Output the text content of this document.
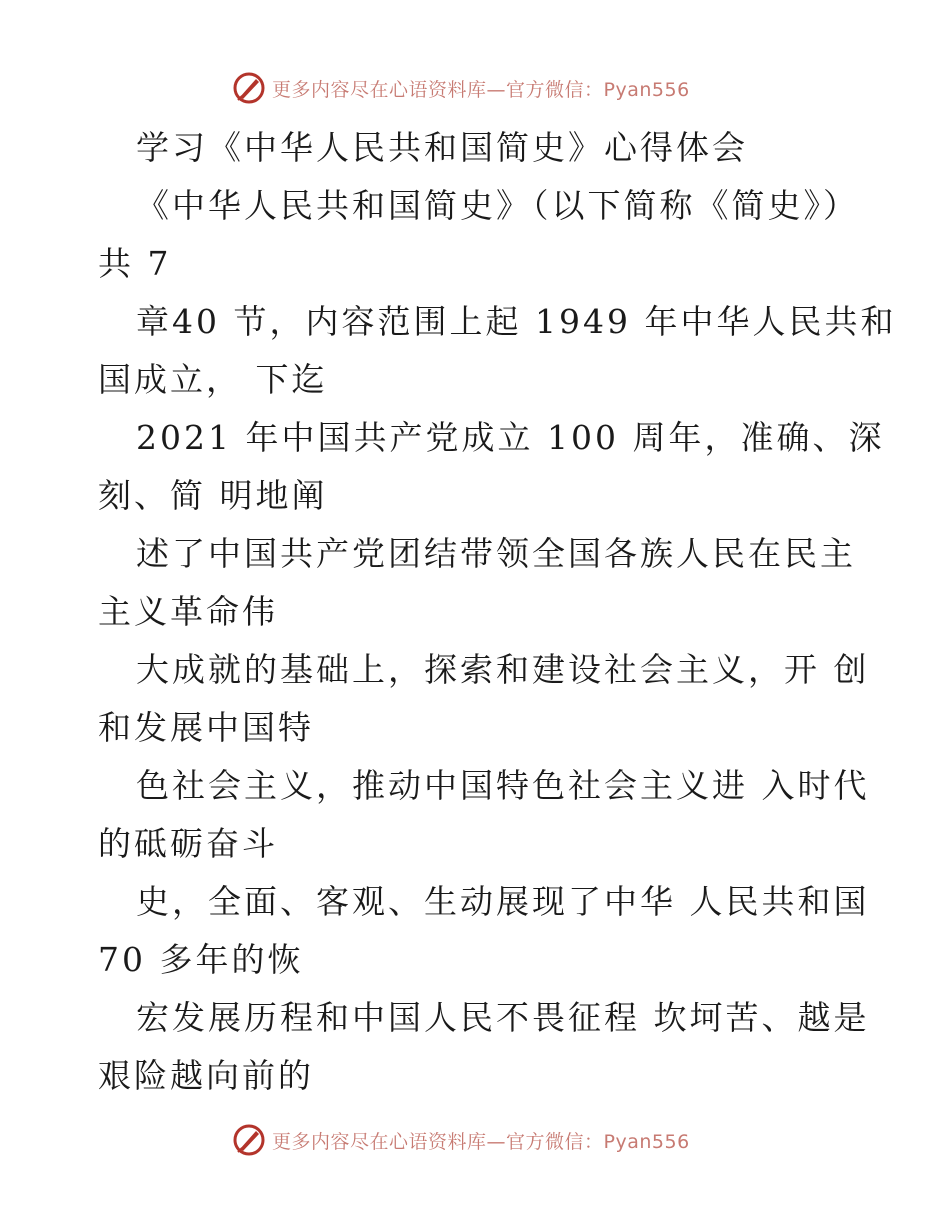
更多内容尽在心语资料库—官方微信：Pyan556
学习《中华人民共和国简史》心得体会
《中华人民共和国简史》（以下简称《简史》）
共 7
章40 节，内容范围上起 1949 年中华人民共和
国成立， 下迄
2021 年中国共产党成立 100 周年，准确、深
刻、简 明地阐
述了中国共产党团结带领全国各族人民在民主
主义革命伟
大成就的基础上，探索和建设社会主义，开 创
和发展中国特
色社会主义，推动中国特色社会主义进 入时代
的砥砺奋斗
史，全面、客观、生动展现了中华 人民共和国
70 多年的恢
宏发展历程和中国人民不畏征程 坎坷苦、越是
艰险越向前的
更多内容尽在心语资料库—官方微信：Pyan556
